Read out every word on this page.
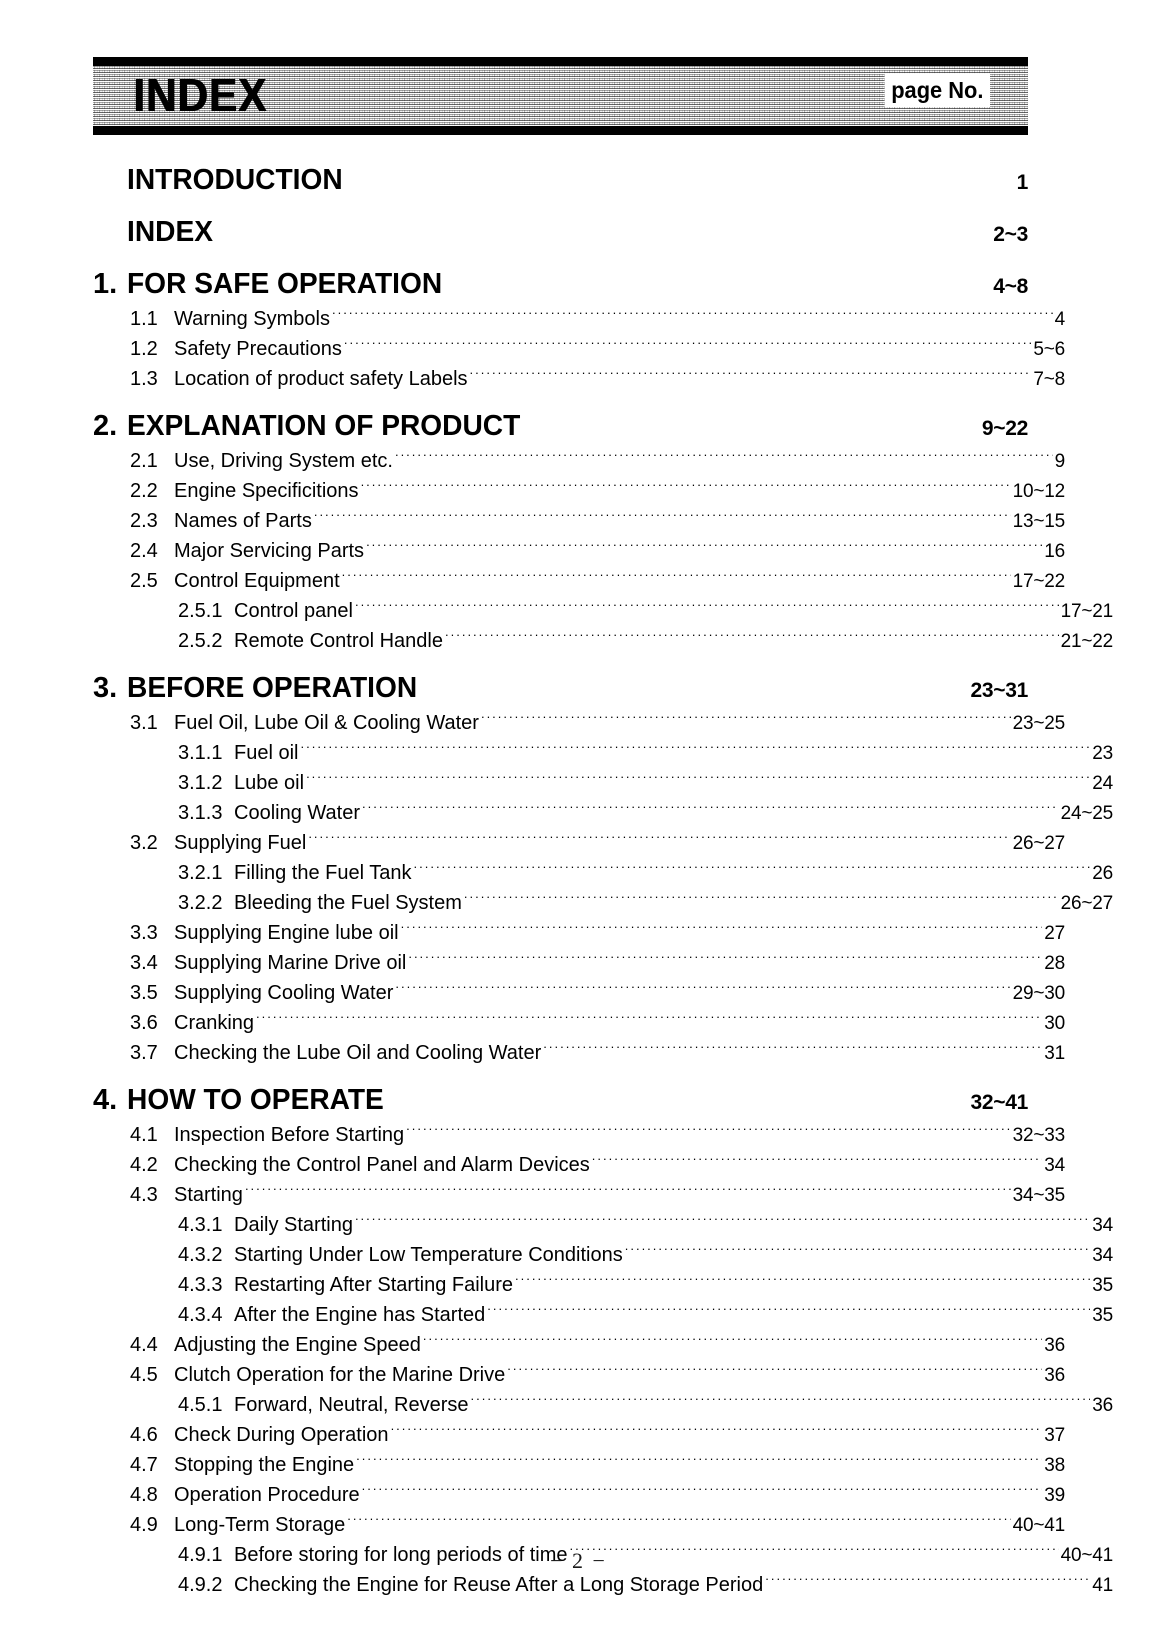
INDEX	page No.
INTRODUCTION .....	1
INDEX .....	2~3
1. FOR SAFE OPERATION .....	4~8
1.1 Warning Symbols .....	4
1.2 Safety Precautions .....	5~6
1.3 Location of product safety Labels .....	7~8
2. EXPLANATION OF PRODUCT .....	9~22
2.1 Use, Driving System etc. .....	9
2.2 Engine Specificitions .....	10~12
2.3 Names of Parts .....	13~15
2.4 Major Servicing Parts .....	16
2.5 Control Equipment .....	17~22
2.5.1 Control panel .....	17~21
2.5.2 Remote Control Handle .....	21~22
3. BEFORE OPERATION .....	23~31
3.1 Fuel Oil, Lube Oil & Cooling Water .....	23~25
3.1.1 Fuel oil .....	23
3.1.2 Lube oil .....	24
3.1.3 Cooling Water .....	24~25
3.2 Supplying Fuel .....	26~27
3.2.1 Filling the Fuel Tank .....	26
3.2.2 Bleeding the Fuel System .....	26~27
3.3 Supplying Engine lube oil .....	27
3.4 Supplying Marine Drive oil .....	28
3.5 Supplying Cooling Water .....	29~30
3.6 Cranking .....	30
3.7 Checking the Lube Oil and Cooling Water .....	31
4. HOW TO OPERATE .....	32~41
4.1 Inspection Before Starting .....	32~33
4.2 Checking the Control Panel and Alarm Devices .....	34
4.3 Starting .....	34~35
4.3.1 Daily Starting .....	34
4.3.2 Starting Under Low Temperature Conditions .....	34
4.3.3 Restarting After Starting Failure .....	35
4.3.4 After the Engine has Started .....	35
4.4 Adjusting the Engine Speed .....	36
4.5 Clutch Operation for the Marine Drive .....	36
4.5.1 Forward, Neutral, Reverse .....	36
4.6 Check During Operation .....	37
4.7 Stopping the Engine .....	38
4.8 Operation Procedure .....	39
4.9 Long-Term Storage .....	40~41
4.9.1 Before storing for long periods of time .....	40~41
4.9.2 Checking the Engine for Reuse After a Long Storage Period .....	41
− 2 −
